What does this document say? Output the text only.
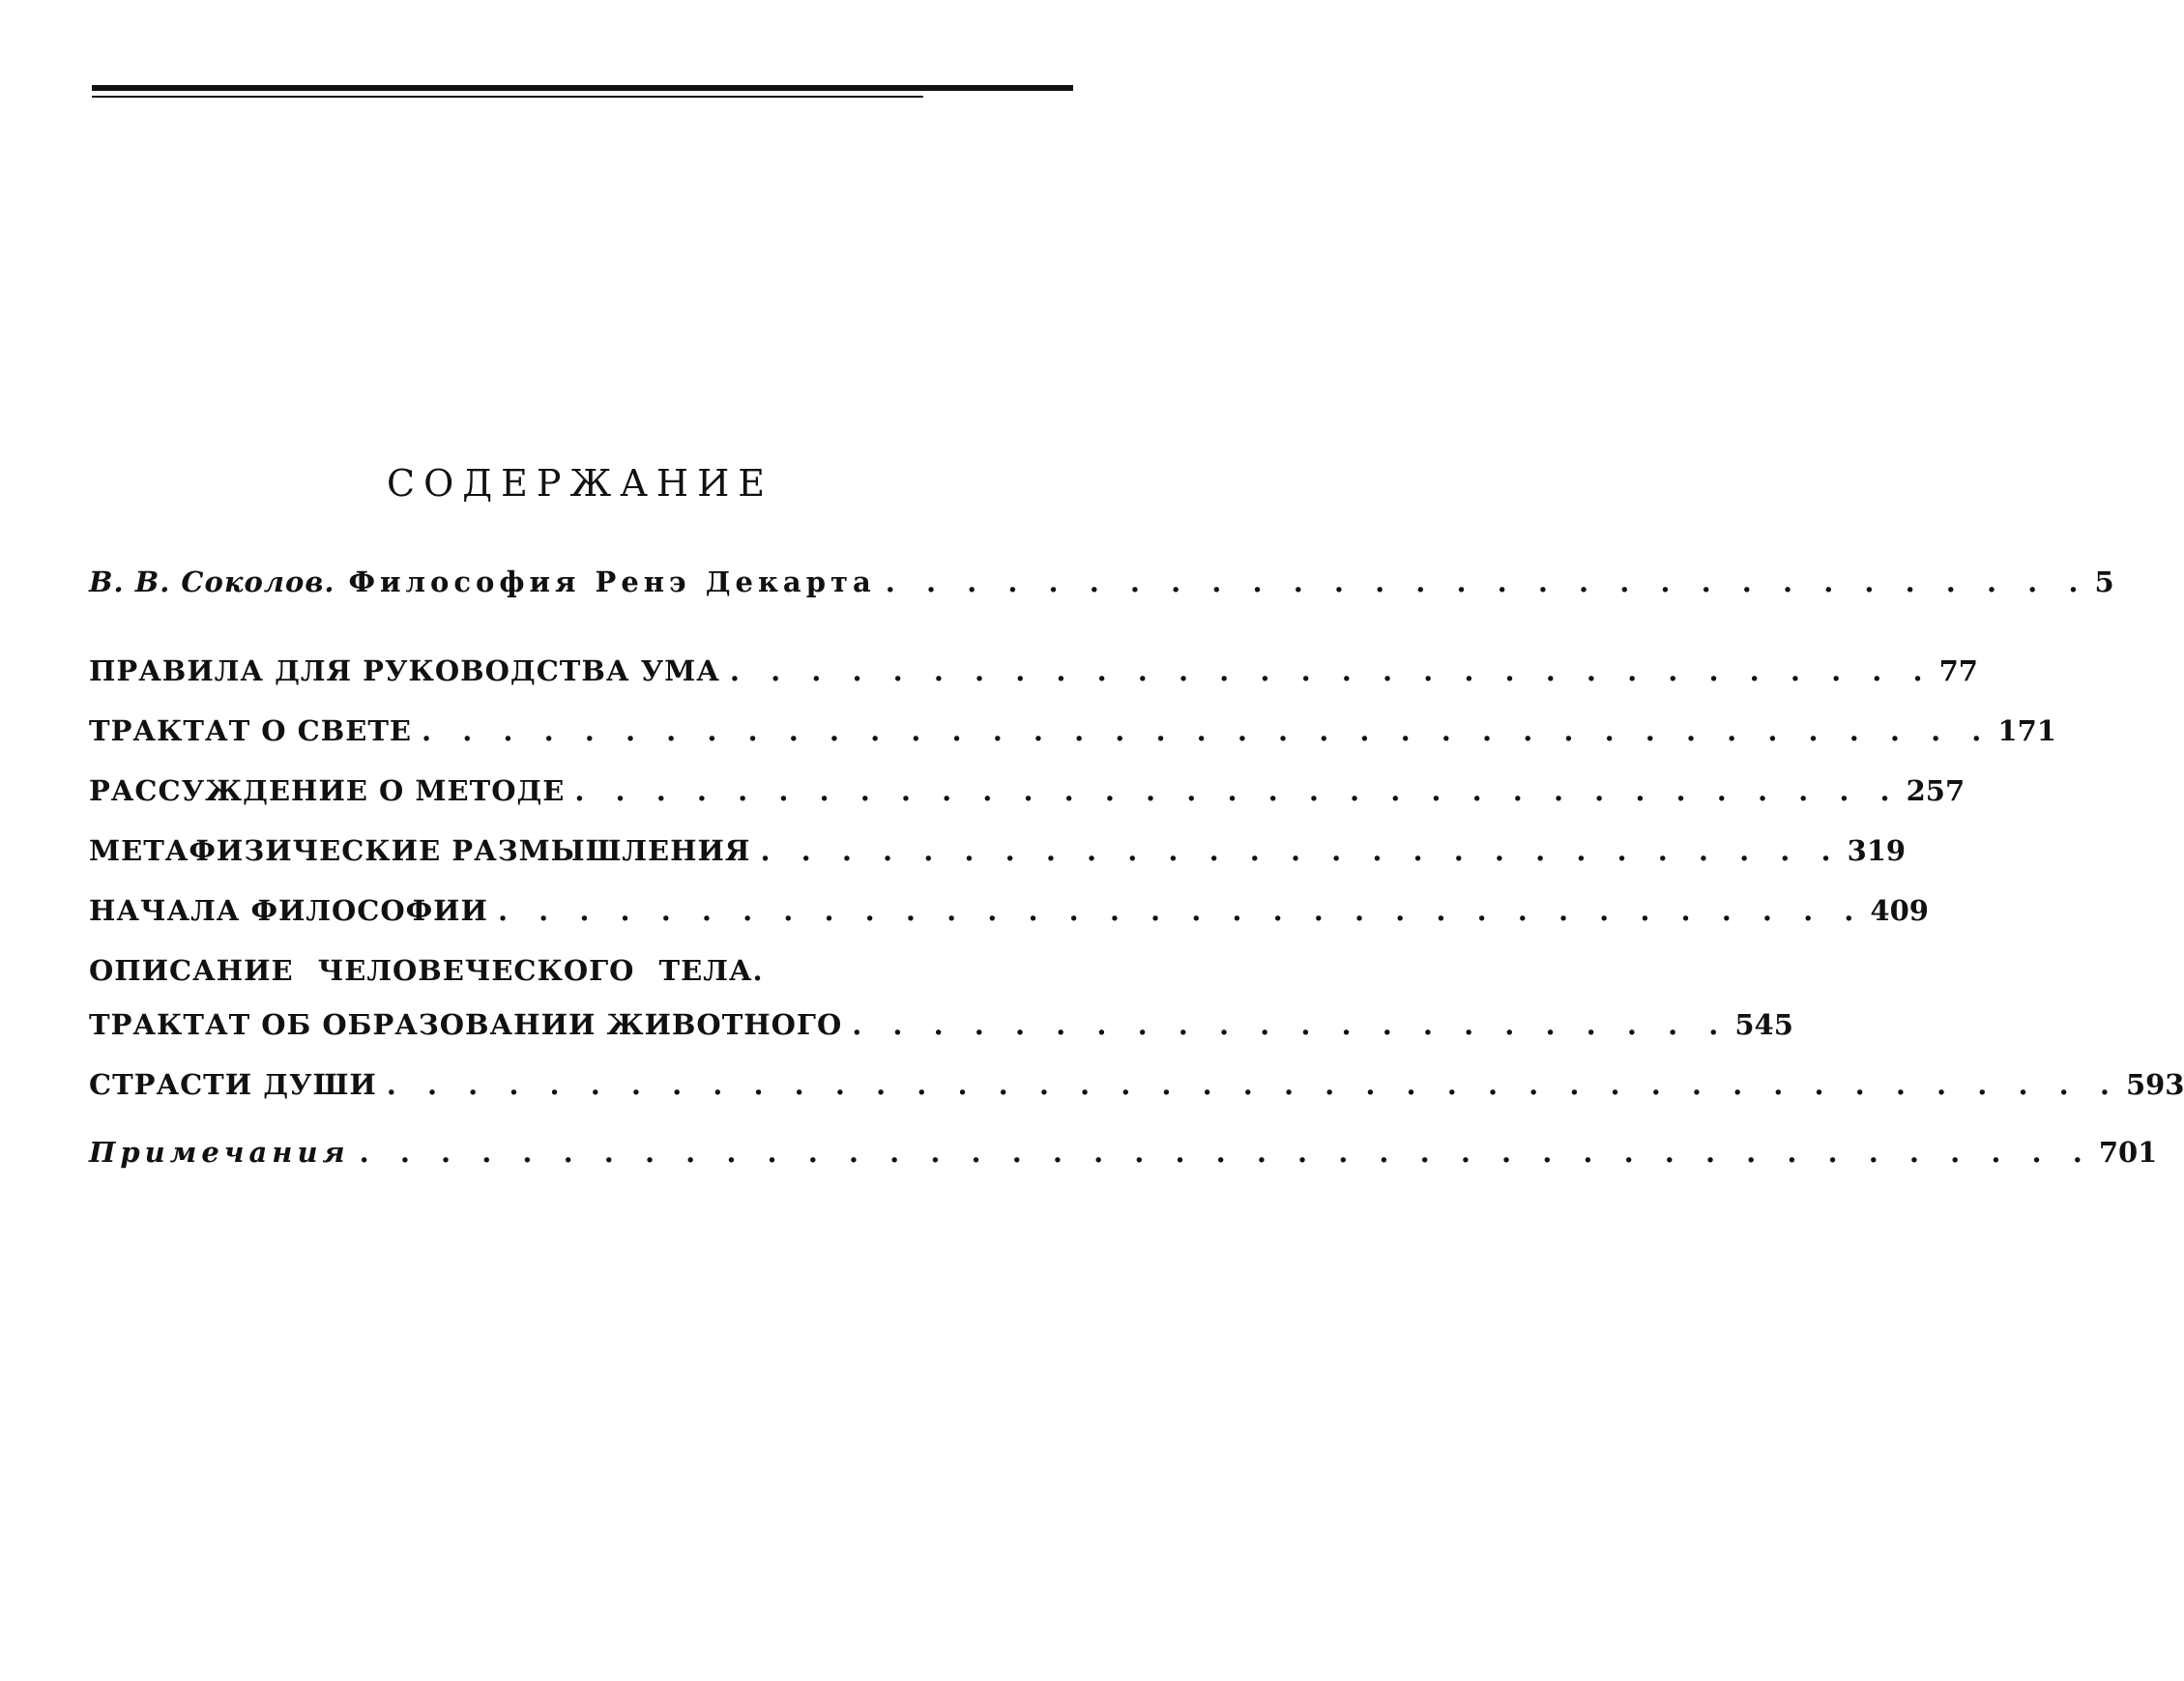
СОДЕРЖАНИЕ
В. В. Соколов. Философия Ренэ Декарта . . . . . . . . . . . . . . . . . . . . . . . . . . . . . . 5
ПРАВИЛА ДЛЯ РУКОВОДСТВА УМА . . . . . . . . . . . . . . . . . . . . . . . . . . . . . . 77
ТРАКТАТ О СВЕТЕ . . . . . . . . . . . . . . . . . . . . . . . . . . . . . . . . . . . . . . . 171
РАССУЖДЕНИЕ О МЕТОДЕ . . . . . . . . . . . . . . . . . . . . . . . . . . . . . . . . . 257
МЕТАФИЗИЧЕСКИЕ РАЗМЫШЛЕНИЯ . . . . . . . . . . . . . . . . . . . . . . . . . . . 319
НАЧАЛА ФИЛОСОФИИ . . . . . . . . . . . . . . . . . . . . . . . . . . . . . . . . . . 409
ОПИСАНИЕ ЧЕЛОВЕЧЕСКОГО ТЕЛА.
ТРАКТАТ ОБ ОБРАЗОВАНИИ ЖИВОТНОГО . . . . . . . . . . . . . . . . . . . . . . 545
СТРАСТИ ДУШИ . . . . . . . . . . . . . . . . . . . . . . . . . . . . . . . . . . . . . . . . . . . 593
Примечания . . . . . . . . . . . . . . . . . . . . . . . . . . . . . . . . . . . . . . . . . . . 701
